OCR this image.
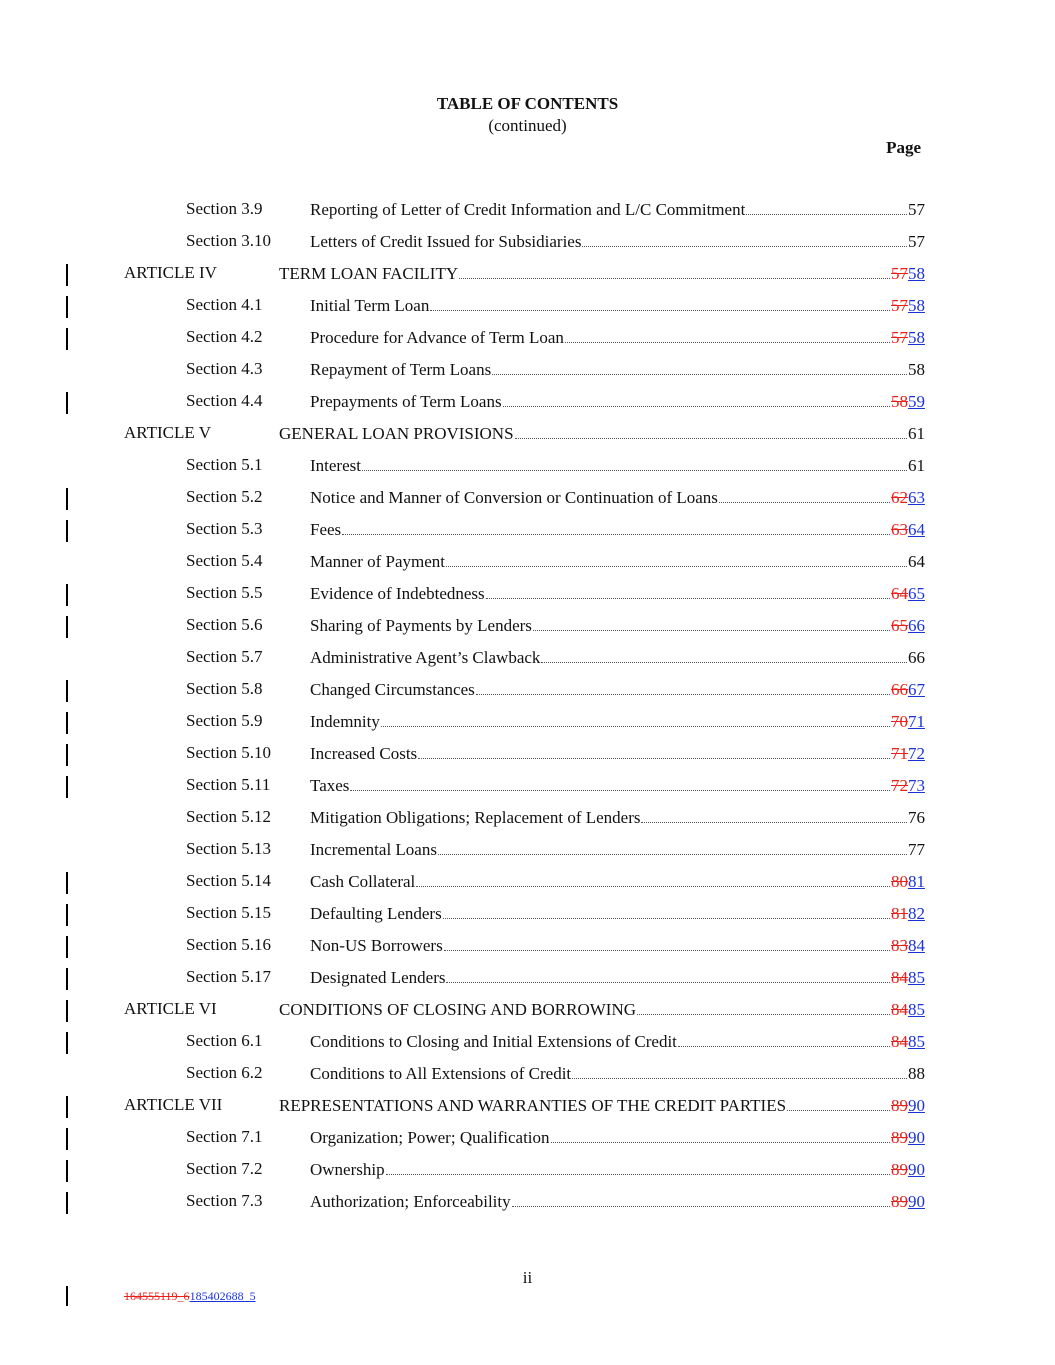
TABLE OF CONTENTS
(continued)
Page
Section 3.9	Reporting of Letter of Credit Information and L/C Commitment	57
Section 3.10 Letters of Credit Issued for Subsidiaries	57
ARTICLE IV	TERM LOAN FACILITY	5758
Section 4.1	Initial Term Loan	5758
Section 4.2	Procedure for Advance of Term Loan	5758
Section 4.3	Repayment of Term Loans	58
Section 4.4	Prepayments of Term Loans	5859
ARTICLE V	GENERAL LOAN PROVISIONS	61
Section 5.1	Interest	61
Section 5.2	Notice and Manner of Conversion or Continuation of Loans	6263
Section 5.3	Fees	6364
Section 5.4	Manner of Payment	64
Section 5.5	Evidence of Indebtedness	6465
Section 5.6	Sharing of Payments by Lenders	6566
Section 5.7	Administrative Agent’s Clawback	66
Section 5.8	Changed Circumstances	6667
Section 5.9	Indemnity	7071
Section 5.10 Increased Costs	7172
Section 5.11 Taxes	7273
Section 5.12 Mitigation Obligations; Replacement of Lenders	76
Section 5.13 Incremental Loans	77
Section 5.14 Cash Collateral	8081
Section 5.15 Defaulting Lenders	8182
Section 5.16 Non-US Borrowers	8384
Section 5.17 Designated Lenders	8485
ARTICLE VI	CONDITIONS OF CLOSING AND BORROWING	8485
Section 6.1	Conditions to Closing and Initial Extensions of Credit	8485
Section 6.2	Conditions to All Extensions of Credit	88
ARTICLE VII	REPRESENTATIONS AND WARRANTIES OF THE CREDIT PARTIES	8990
Section 7.1	Organization; Power; Qualification	8990
Section 7.2	Ownership	8990
Section 7.3	Authorization; Enforceability	8990
ii
164555119_6185402688_5
